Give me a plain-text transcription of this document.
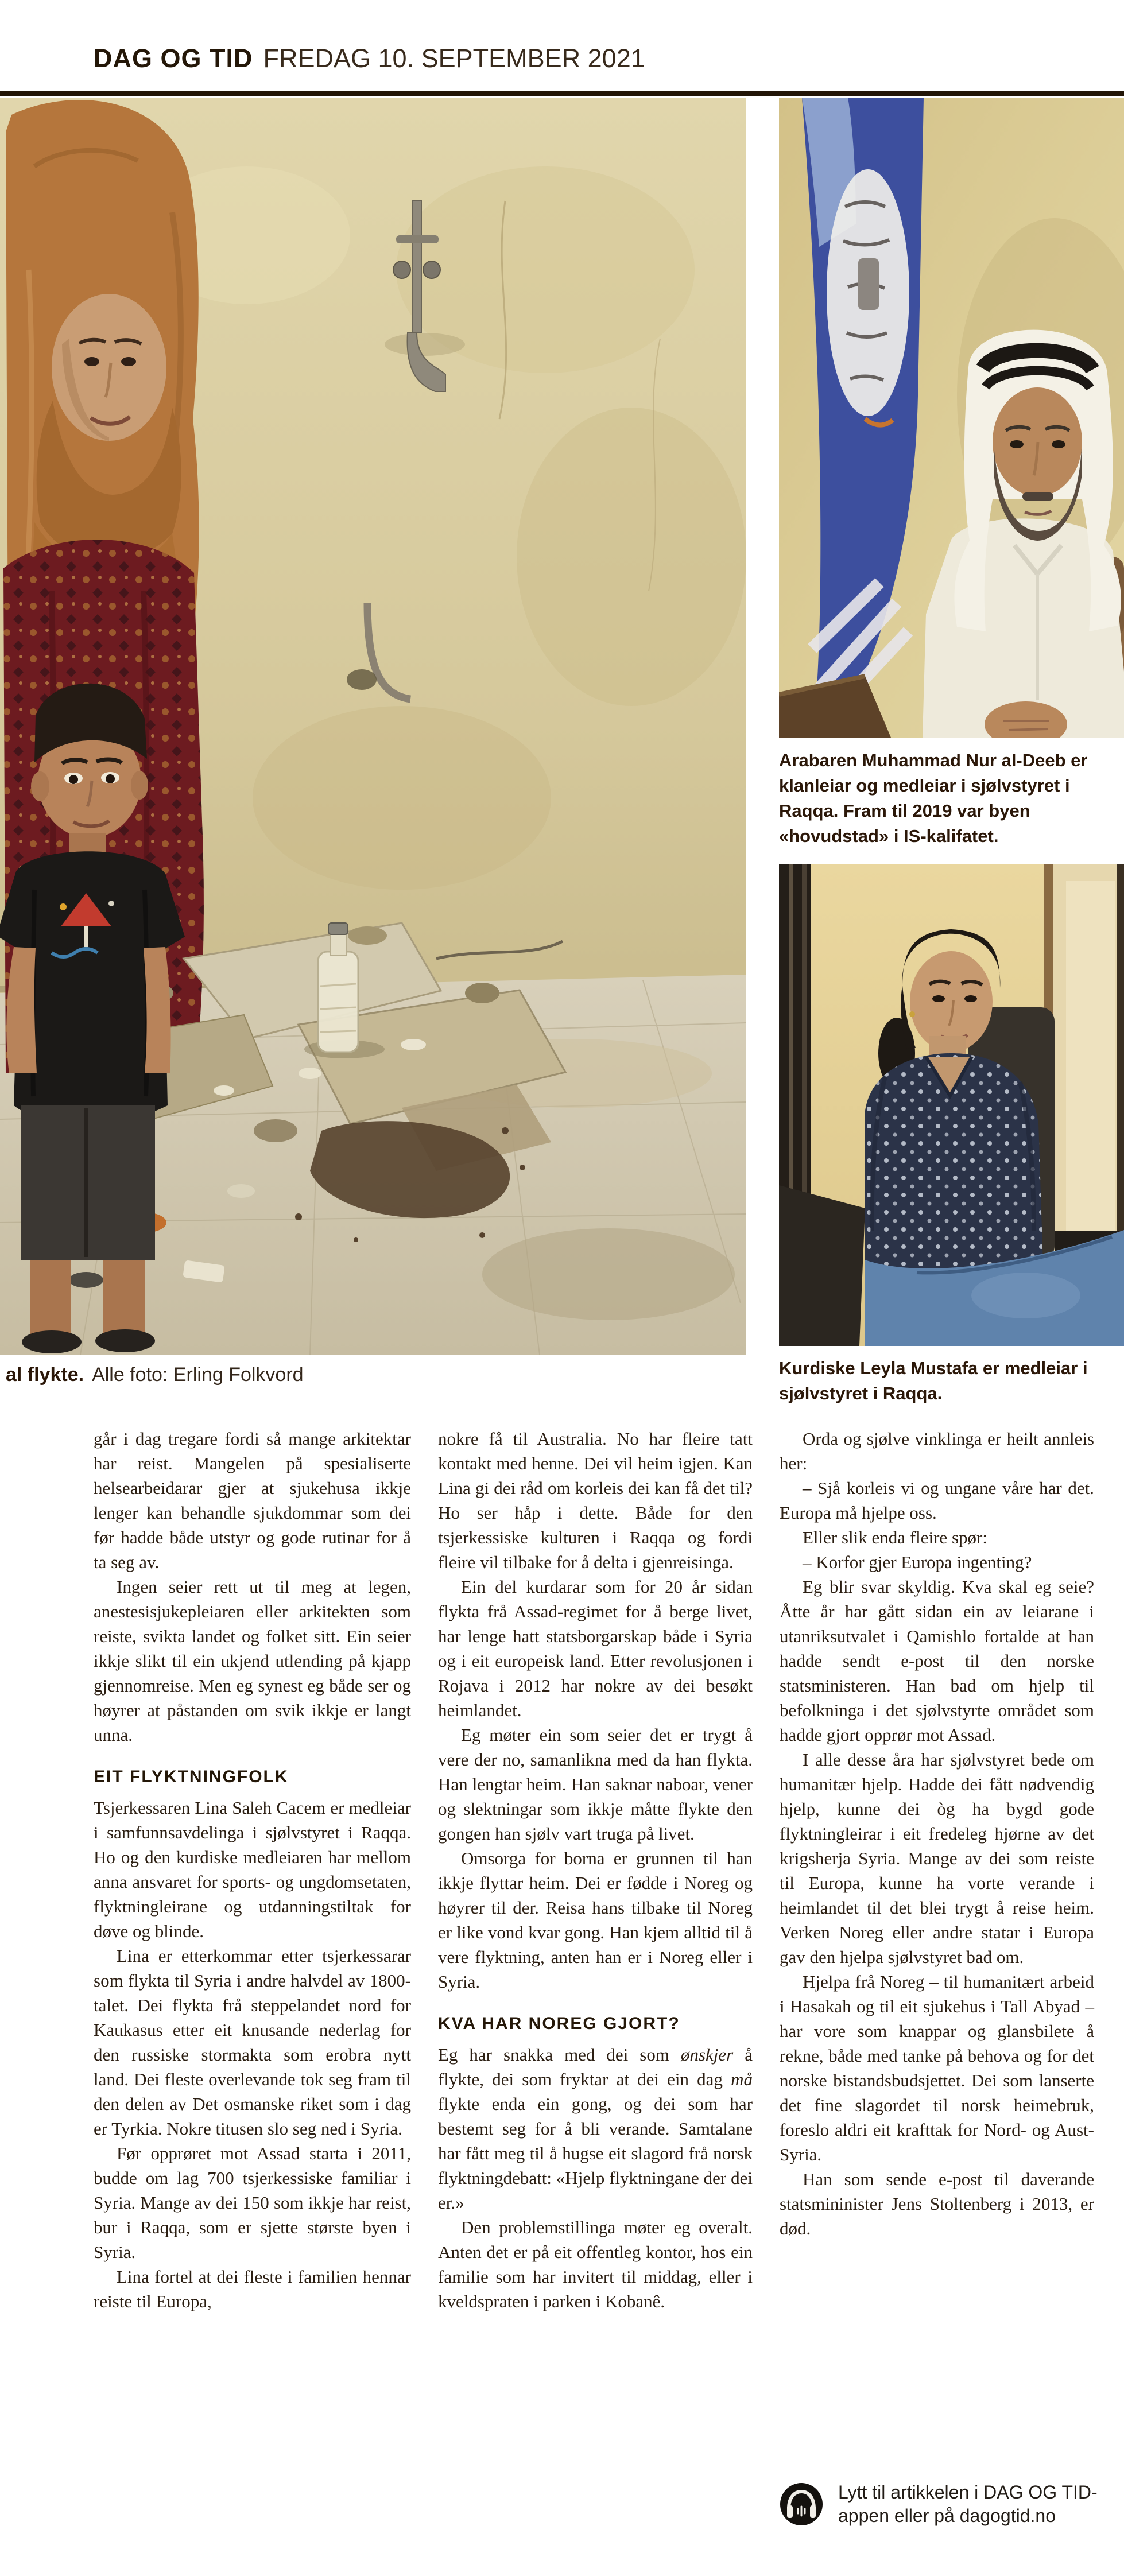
DAG OG TID FREDAG 10. SEPTEMBER 2021
al flykte. Alle foto: Erling Folkvord
Arabaren Muhammad Nur al-Deeb er klanleiar og medleiar i sjølvstyret i Raqqa. Fram til 2019 var byen «hovudstad» i IS-kalifatet.
Kurdiske Leyla Mustafa er medleiar i sjølvstyret i Raqqa.

går i dag tregare fordi så mange arkitektar har reist. Mangelen på spesialiserte helsearbeidarar gjer at sjukehusa ikkje lenger kan behandle sjukdommar som dei før hadde både utstyr og gode rutinar for å ta seg av.

Ingen seier rett ut til meg at legen, anestesisjukepleiaren eller arkitekten som reiste, svikta landet og folket sitt. Ein seier ikkje slikt til ein ukjend utlending på kjapp gjennomreise. Men eg synest eg både ser og høyrer at påstanden om svik ikkje er langt unna.

EIT FLYKTNINGFOLK

Tsjerkessaren Lina Saleh Cacem er medleiar i samfunnsavdelinga i sjølvstyret i Raqqa. Ho og den kurdiske medleiaren har mellom anna ansvaret for sports- og ungdomsetaten, flyktningleirane og utdanningstiltak for døve og blinde.

Lina er etterkommar etter tsjerkessarar som flykta til Syria i andre halvdel av 1800-talet. Dei flykta frå steppelandet nord for Kaukasus etter eit knusande nederlag for den russiske stormakta som erobra nytt land. Dei fleste overlevande tok seg fram til den delen av Det osmanske riket som i dag er Tyrkia. Nokre titusen slo seg ned i Syria.

Før opprøret mot Assad starta i 2011, budde om lag 700 tsjerkessiske familiar i Syria. Mange av dei 150 som ikkje har reist, bur i Raqqa, som er sjette største byen i Syria.

Lina fortel at dei fleste i familien hennar reiste til Europa,

nokre få til Australia. No har fleire tatt kontakt med henne. Dei vil heim igjen. Kan Lina gi dei råd om korleis dei kan få det til? Ho ser håp i dette. Både for den tsjerkessiske kulturen i Raqqa og fordi fleire vil tilbake for å delta i gjenreisinga.

Ein del kurdarar som for 20 år sidan flykta frå Assad-regimet for å berge livet, har lenge hatt statsborgarskap både i Syria og i eit europeisk land. Etter revolusjonen i Rojava i 2012 har nokre av dei besøkt heimlandet.

Eg møter ein som seier det er trygt å vere der no, samanlikna med da han flykta. Han lengtar heim. Han saknar naboar, vener og slektningar som ikkje måtte flykte den gongen han sjølv vart truga på livet.

Omsorga for borna er grunnen til han ikkje flyttar heim. Dei er fødde i Noreg og høyrer til der. Reisa hans tilbake til Noreg er like vond kvar gong. Han kjem alltid til å vere flyktning, anten han er i Noreg eller i Syria.

KVA HAR NOREG GJORT?

Eg har snakka med dei som ønskjer å flykte, dei som fryktar at dei ein dag må flykte enda ein gong, og dei som har bestemt seg for å bli verande. Samtalane har fått meg til å hugse eit slagord frå norsk flyktningdebatt: «Hjelp flyktningane der dei er.»

Den problemstillinga møter eg overalt. Anten det er på eit offentleg kontor, hos ein familie som har invitert til middag, eller i kveldspraten i parken i Kobanê.

Orda og sjølve vinklinga er heilt annleis her:

– Sjå korleis vi og ungane våre har det. Europa må hjelpe oss.

Eller slik enda fleire spør:

– Korfor gjer Europa ingenting?

Eg blir svar skyldig. Kva skal eg seie? Åtte år har gått sidan ein av leiarane i utanriksutvalet i Qamishlo fortalde at han hadde sendt e-post til den norske statsministeren. Han bad om hjelp til befolkninga i det sjølvstyrte området som hadde gjort opprør mot Assad.

I alle desse åra har sjølvstyret bede om humanitær hjelp. Hadde dei fått nødvendig hjelp, kunne dei òg ha bygd gode flyktningleirar i eit fredeleg hjørne av det krigsherja Syria. Mange av dei som reiste til Europa, kunne ha vorte verande i heimlandet til det blei trygt å reise heim. Verken Noreg eller andre statar i Europa gav den hjelpa sjølvstyret bad om.

Hjelpa frå Noreg – til humanitært arbeid i Hasakah og til eit sjukehus i Tall Abyad – har vore som knappar og glansbilete å rekne, både med tanke på behova og for det norske bistandsbudsjettet. Dei som lanserte det fine slagordet til norsk heimebruk, foreslo aldri eit krafttak for Nord- og Aust-Syria.

Han som sende e-post til daverande statsmininister Jens Stoltenberg i 2013, er død.

Lytt til artikkelen i DAG OG TID-
appen eller på dagogtid.no
